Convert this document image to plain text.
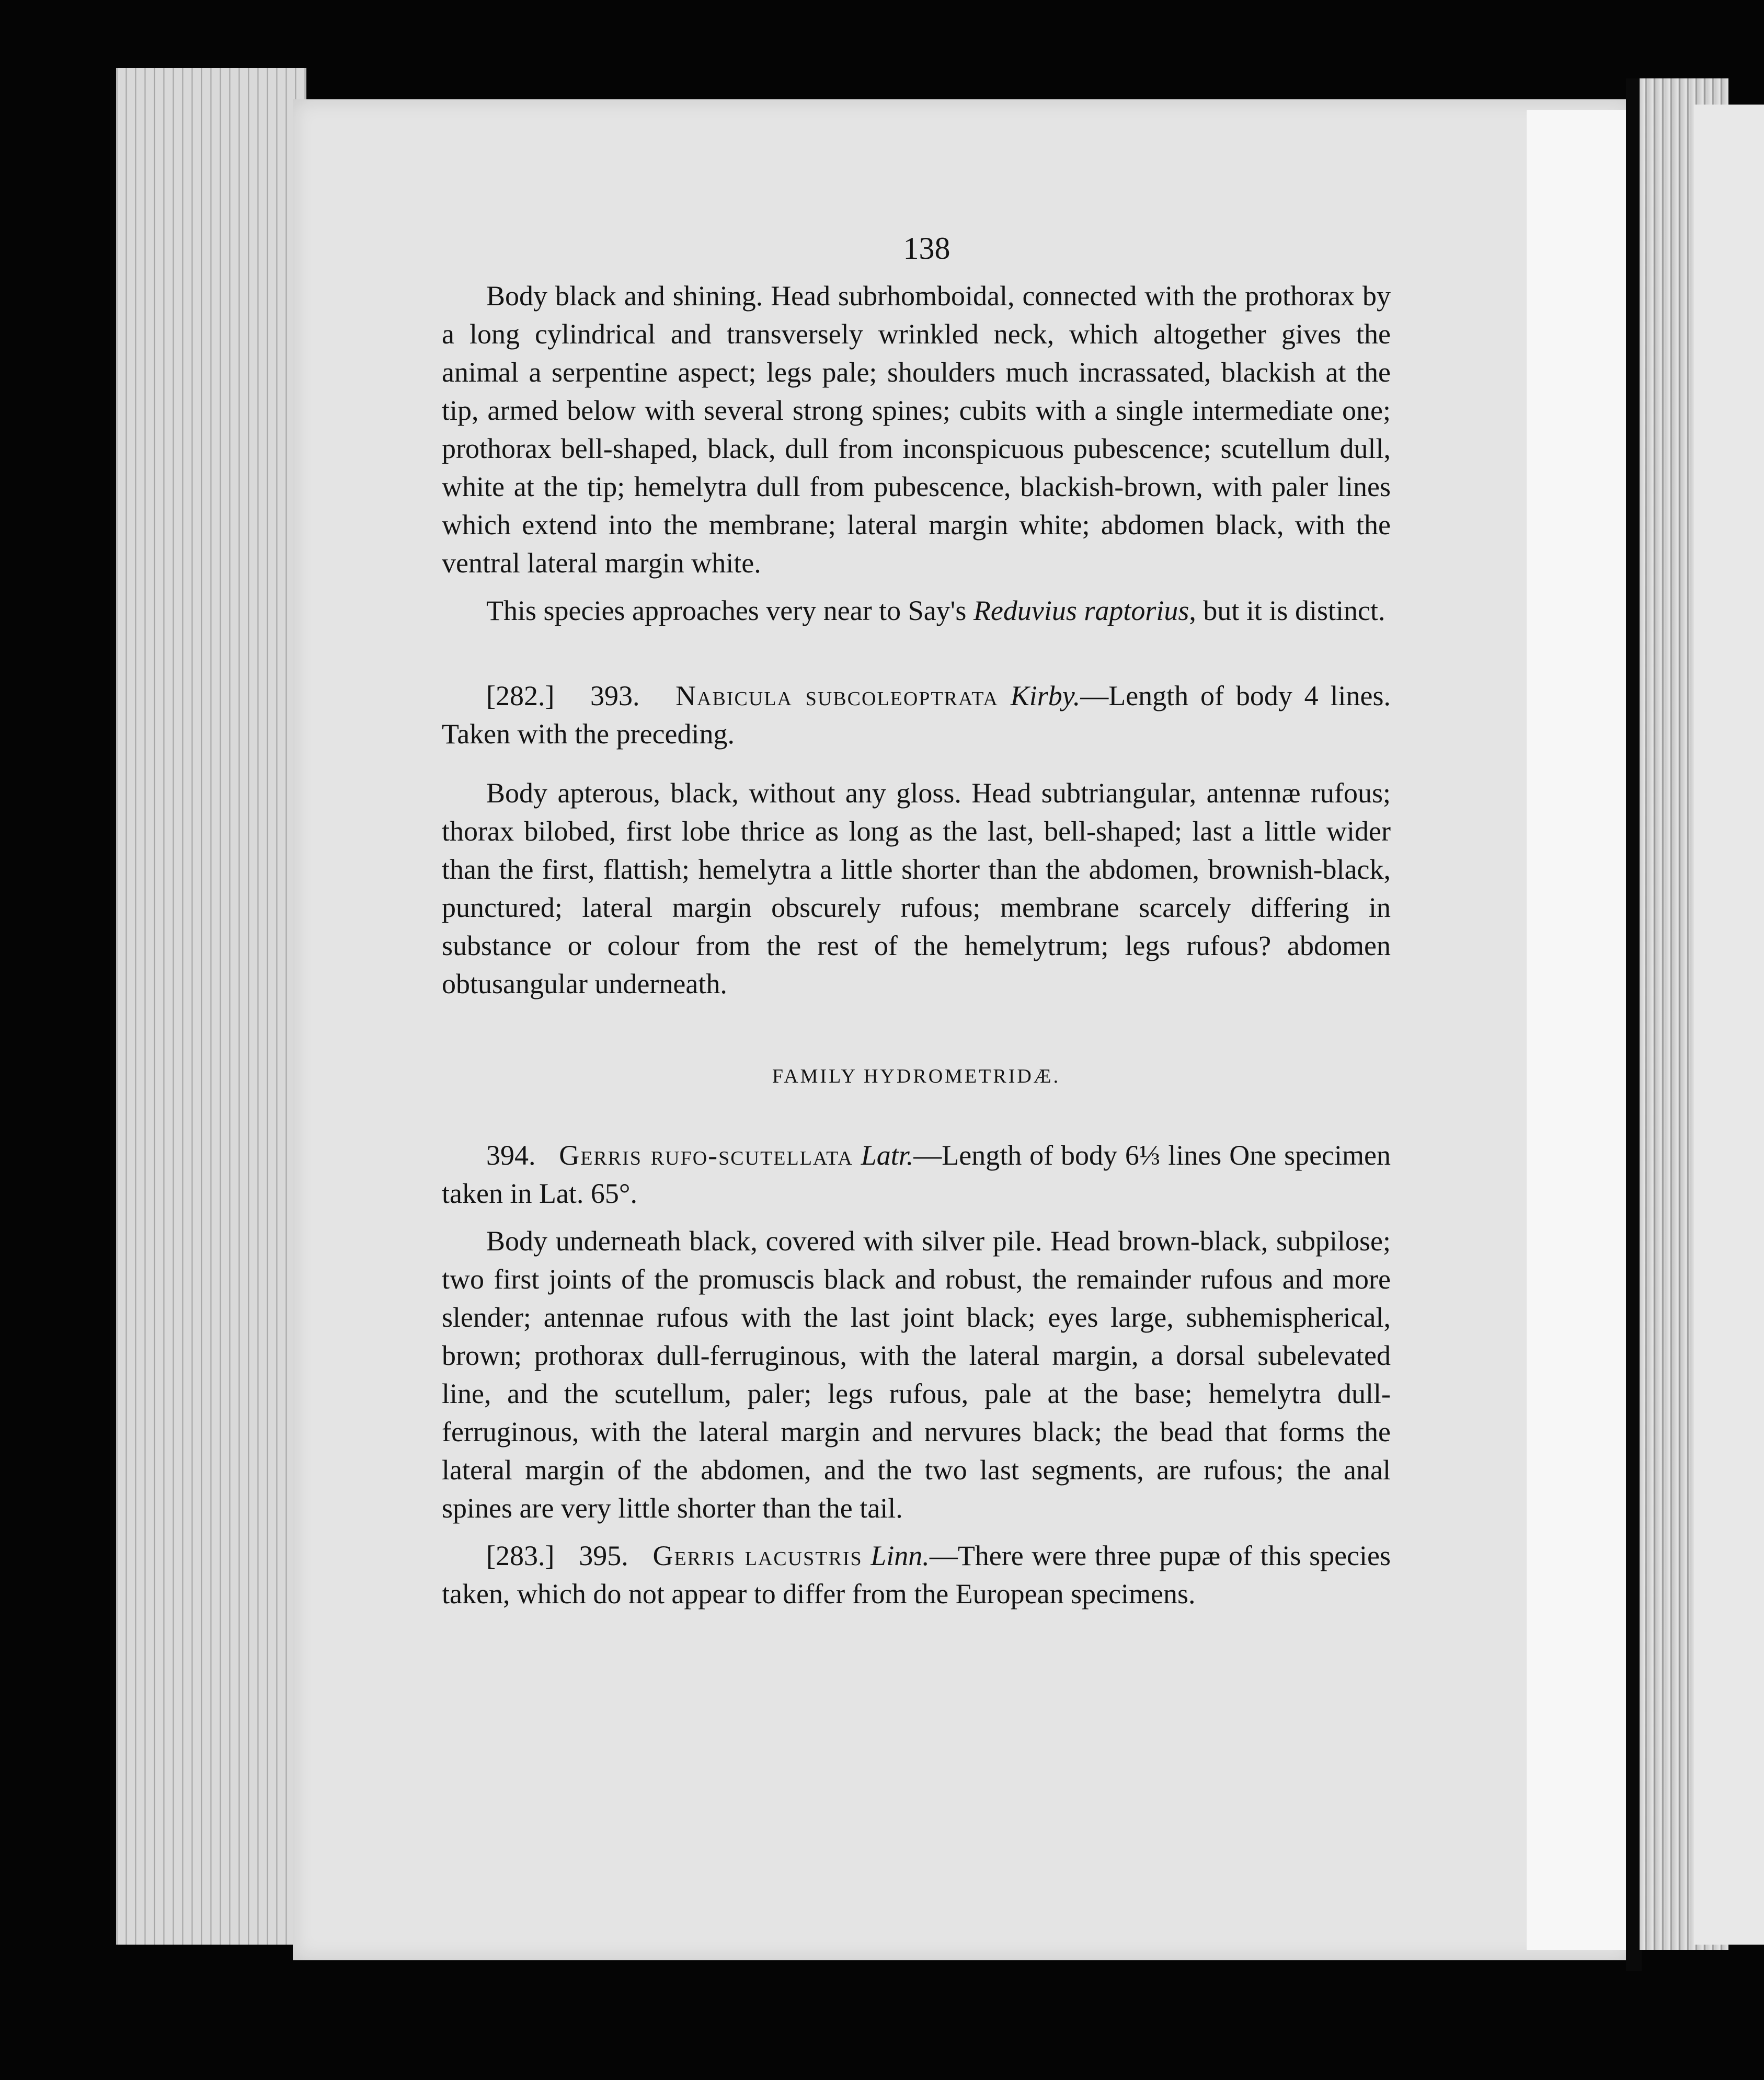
138

Body black and shining. Head subrhomboidal, connected with the prothorax by a long cylindrical and transversely wrinkled neck, which altogether gives the animal a serpentine aspect; legs pale; shoulders much incrassated, blackish at the tip, armed below with several strong spines; cubits with a single intermediate one; prothorax bell-shaped, black, dull from inconspicuous pubescence; scutellum dull, white at the tip; hemelytra dull from pubescence, blackish-brown, with paler lines which extend into the membrane; lateral margin white; abdomen black, with the ventral lateral margin white.

This species approaches very near to Say's Reduvius raptorius, but it is distinct.

[282.] 393. Nabicula subcoleoptrata Kirby.—Length of body 4 lines. Taken with the preceding.

Body apterous, black, without any gloss. Head subtriangular, antennæ rufous; thorax bilobed, first lobe thrice as long as the last, bell-shaped; last a little wider than the first, flattish; hemelytra a little shorter than the abdomen, brownish-black, punctured; lateral margin obscurely rufous; membrane scarcely differing in substance or colour from the rest of the hemelytrum; legs rufous? abdomen obtusangular underneath.

FAMILY HYDROMETRIDÆ.

394. Gerris rufo-scutellata Latr.—Length of body 6⅓ lines One specimen taken in Lat. 65°.

Body underneath black, covered with silver pile. Head brown-black, subpilose; two first joints of the promuscis black and robust, the remainder rufous and more slender; antennae rufous with the last joint black; eyes large, subhemispherical, brown; prothorax dull-ferruginous, with the lateral margin, a dorsal subelevated line, and the scutellum, paler; legs rufous, pale at the base; hemelytra dull-ferruginous, with the lateral margin and nervures black; the bead that forms the lateral margin of the abdomen, and the two last segments, are rufous; the anal spines are very little shorter than the tail.

[283.] 395. Gerris lacustris Linn.—There were three pupæ of this species taken, which do not appear to differ from the European specimens.
